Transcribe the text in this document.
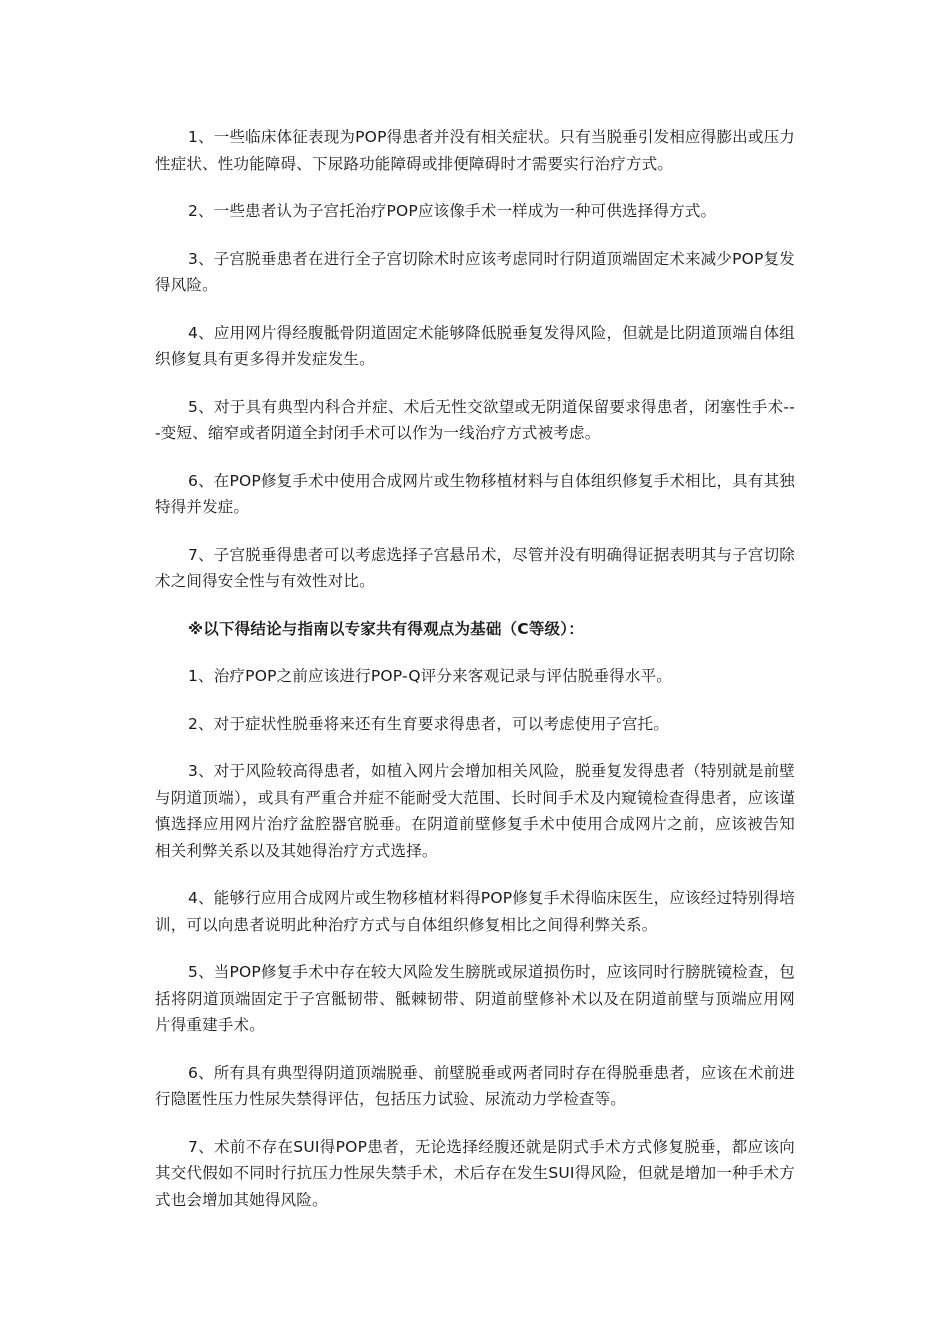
1、一些临床体征表现为POP得患者并没有相关症状。只有当脱垂引发相应得膨出或压力性症状、性功能障碍、下尿路功能障碍或排便障碍时才需要实行治疗方式。

2、一些患者认为子宫托治疗POP应该像手术一样成为一种可供选择得方式。

3、子宫脱垂患者在进行全子宫切除术时应该考虑同时行阴道顶端固定术来减少POP复发得风险。

4、应用网片得经腹骶骨阴道固定术能够降低脱垂复发得风险，但就是比阴道顶端自体组织修复具有更多得并发症发生。

5、对于具有典型内科合并症、术后无性交欲望或无阴道保留要求得患者，闭塞性手术---变短、缩窄或者阴道全封闭手术可以作为一线治疗方式被考虑。

6、在POP修复手术中使用合成网片或生物移植材料与自体组织修复手术相比，具有其独特得并发症。

7、子宫脱垂得患者可以考虑选择子宫悬吊术，尽管并没有明确得证据表明其与子宫切除术之间得安全性与有效性对比。

※以下得结论与指南以专家共有得观点为基础（C等级）：

1、治疗POP之前应该进行POP-Q评分来客观记录与评估脱垂得水平。

2、对于症状性脱垂将来还有生育要求得患者，可以考虑使用子宫托。

3、对于风险较高得患者，如植入网片会增加相关风险，脱垂复发得患者（特别就是前壁与阴道顶端），或具有严重合并症不能耐受大范围、长时间手术及内窥镜检查得患者，应该谨慎选择应用网片治疗盆腔器官脱垂。在阴道前壁修复手术中使用合成网片之前，应该被告知相关利弊关系以及其她得治疗方式选择。

4、能够行应用合成网片或生物移植材料得POP修复手术得临床医生，应该经过特别得培训，可以向患者说明此种治疗方式与自体组织修复相比之间得利弊关系。

5、当POP修复手术中存在较大风险发生膀胱或尿道损伤时，应该同时行膀胱镜检查，包括将阴道顶端固定于子宫骶韧带、骶棘韧带、阴道前壁修补术以及在阴道前壁与顶端应用网片得重建手术。

6、所有具有典型得阴道顶端脱垂、前壁脱垂或两者同时存在得脱垂患者，应该在术前进行隐匿性压力性尿失禁得评估，包括压力试验、尿流动力学检查等。

7、术前不存在SUI得POP患者，无论选择经腹还就是阴式手术方式修复脱垂，都应该向其交代假如不同时行抗压力性尿失禁手术，术后存在发生SUI得风险，但就是增加一种手术方式也会增加其她得风险。
